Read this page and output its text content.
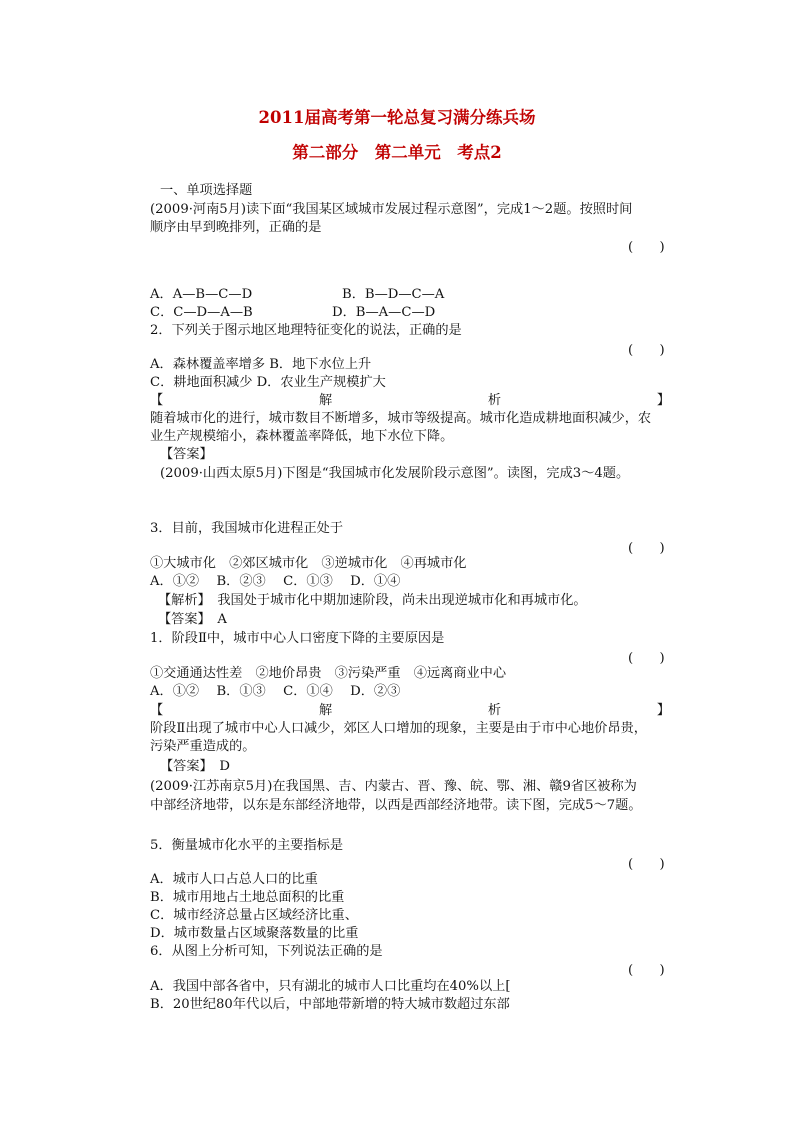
2011届高考第一轮总复习满分练兵场
第二部分　第二单元　考点2
一、单项选择题
(2009·河南5月)读下面“我国某区域城市发展过程示意图”，完成1～2题。按照时间
顺序由早到晚排列，正确的是
(　　)
A．A—B—C—D	B．B—D—C—A
C．C—D—A—B	D．B—A—C—D
2．下列关于图示地区地理特征变化的说法，正确的是
(　　)
A．森林覆盖率增多 B．地下水位上升
C．耕地面积减少 D．农业生产规模扩大
【	解	析	】
随着城市化的进行，城市数目不断增多，城市等级提高。城市化造成耕地面积减少，农
业生产规模缩小，森林覆盖率降低，地下水位下降。
【答案】
(2009·山西太原5月)下图是“我国城市化发展阶段示意图”。读图，完成3～4题。
3．目前，我国城市化进程正处于
(　　)
①大城市化　②郊区城市化　③逆城市化　④再城市化
A．①②　 B．②③　 C．①③　 D．①④
【解析】　我国处于城市化中期加速阶段，尚未出现逆城市化和再城市化。
【答案】　A
1．阶段Ⅱ中，城市中心人口密度下降的主要原因是
(　　)
①交通通达性差　②地价昂贵　③污染严重　④远离商业中心
A．①②　 B．①③　 C．①④　 D．②③
【	解	析	】
阶段Ⅱ出现了城市中心人口减少，郊区人口增加的现象，主要是由于市中心地价昂贵，
污染严重造成的。
【答案】　D
(2009·江苏南京5月)在我国黑、吉、内蒙古、晋、豫、皖、鄂、湘、赣9省区被称为
中部经济地带，以东是东部经济地带，以西是西部经济地带。读下图，完成5～7题。
5．衡量城市化水平的主要指标是
(　　)
A．城市人口占总人口的比重
B．城市用地占土地总面积的比重
C．城市经济总量占区域经济比重、
D．城市数量占区域聚落数量的比重
6．从图上分析可知，下列说法正确的是
(　　)
A．我国中部各省中，只有湖北的城市人口比重均在40%以上[
B．20世纪80年代以后，中部地带新增的特大城市数超过东部
